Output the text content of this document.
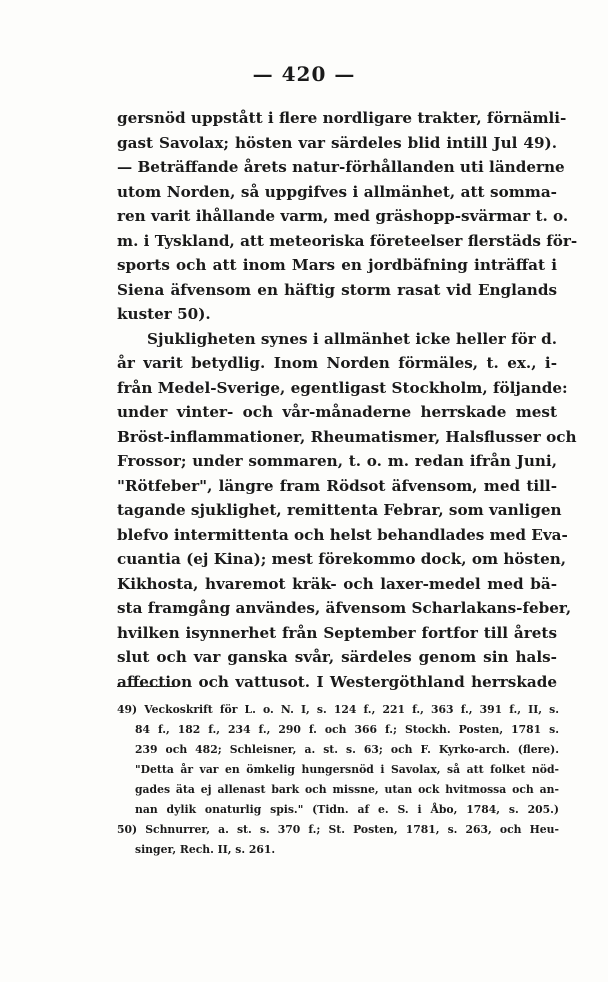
— 420 —
gersnöd uppstått i flere nordligare trakter, förnämli-
gast Savolax; hösten var särdeles blid intill Jul 49).
— Beträffande årets natur-förhållanden uti länderne
utom Norden, så uppgifves i allmänhet, att somma-
ren varit ihållande varm, med gräshopp-svärmar t. o.
m. i Tyskland, att meteoriska företeelser flerstäds för-
sports och att inom Mars en jordbäfning inträffat i
Siena äfvensom en häftig storm rasat vid Englands
kuster 50).
Sjukligheten synes i allmänhet icke heller för d.
år varit betydlig. Inom Norden förmäles, t. ex., i-
från Medel-Sverige, egentligast Stockholm, följande:
under vinter- och vår-månaderne herrskade mest
Bröst-inflammationer, Rheumatismer, Halsflusser och
Frossor; under sommaren, t. o. m. redan ifrån Juni,
"Rötfeber", längre fram Rödsot äfvensom, med till-
tagande sjuklighet, remittenta Febrar, som vanligen
blefvo intermittenta och helst behandlades med Eva-
cuantia (ej Kina); mest förekommo dock, om hösten,
Kikhosta, hvaremot kräk- och laxer-medel med bä-
sta framgång användes, äfvensom Scharlakans-feber,
hvilken isynnerhet från September fortfor till årets
slut och var ganska svår, särdeles genom sin hals-
affection och vattusot. I Westergöthland herrskade
49) Veckoskrift för L. o. N. I, s. 124 f., 221 f., 363 f., 391 f., II, s.
84 f., 182 f., 234 f., 290 f. och 366 f.; Stockh. Posten, 1781 s.
239 och 482; Schleisner, a. st. s. 63; och F. Kyrko-arch. (flere).
"Detta år var en ömkelig hungersnöd i Savolax, så att folket nöd-
gades äta ej allenast bark och missne, utan ock hvitmossa och an-
nan dylik onaturlig spis." (Tidn. af e. S. i Åbo, 1784, s. 205.)
50) Schnurrer, a. st. s. 370 f.; St. Posten, 1781, s. 263, och Heu-
singer, Rech. II, s. 261.
